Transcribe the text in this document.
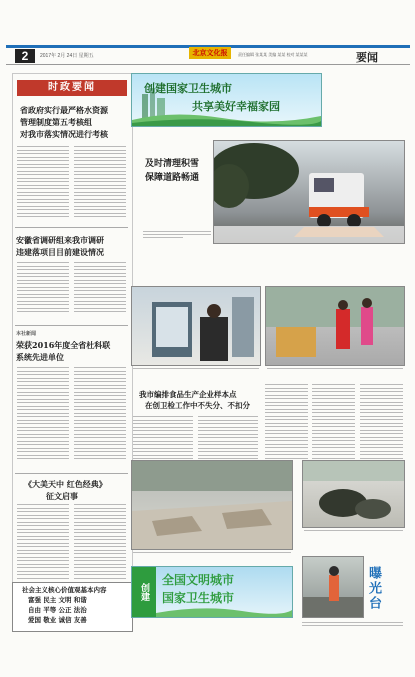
2	2017年 2月 24日 星期五	北京文化报	责任编辑 张某某 美编 某某 校对 某某某	要闻
时政要闻
省政府实行最严格水资源
管理制度第五考核组
对我市落实情况进行考核
安徽省调研组来我市调研
违建落项目目前建设情况
本社新闻
荣获2016年度全省杜科联
系统先进单位
《大美天中 红色经典》
征文启事
社会主义核心价值观基本内容
富强 民主 文明 和谐
自由 平等 公正 法治
爱国 敬业 诚信 友善
创建国家卫生城市
共享美好幸福家园
及时清理积雪
保障道路畅通
我市编排食品生产企业样本点
在创卫检工作中不失分、不扣分
创建
全国文明城市
国家卫生城市	曝光台
